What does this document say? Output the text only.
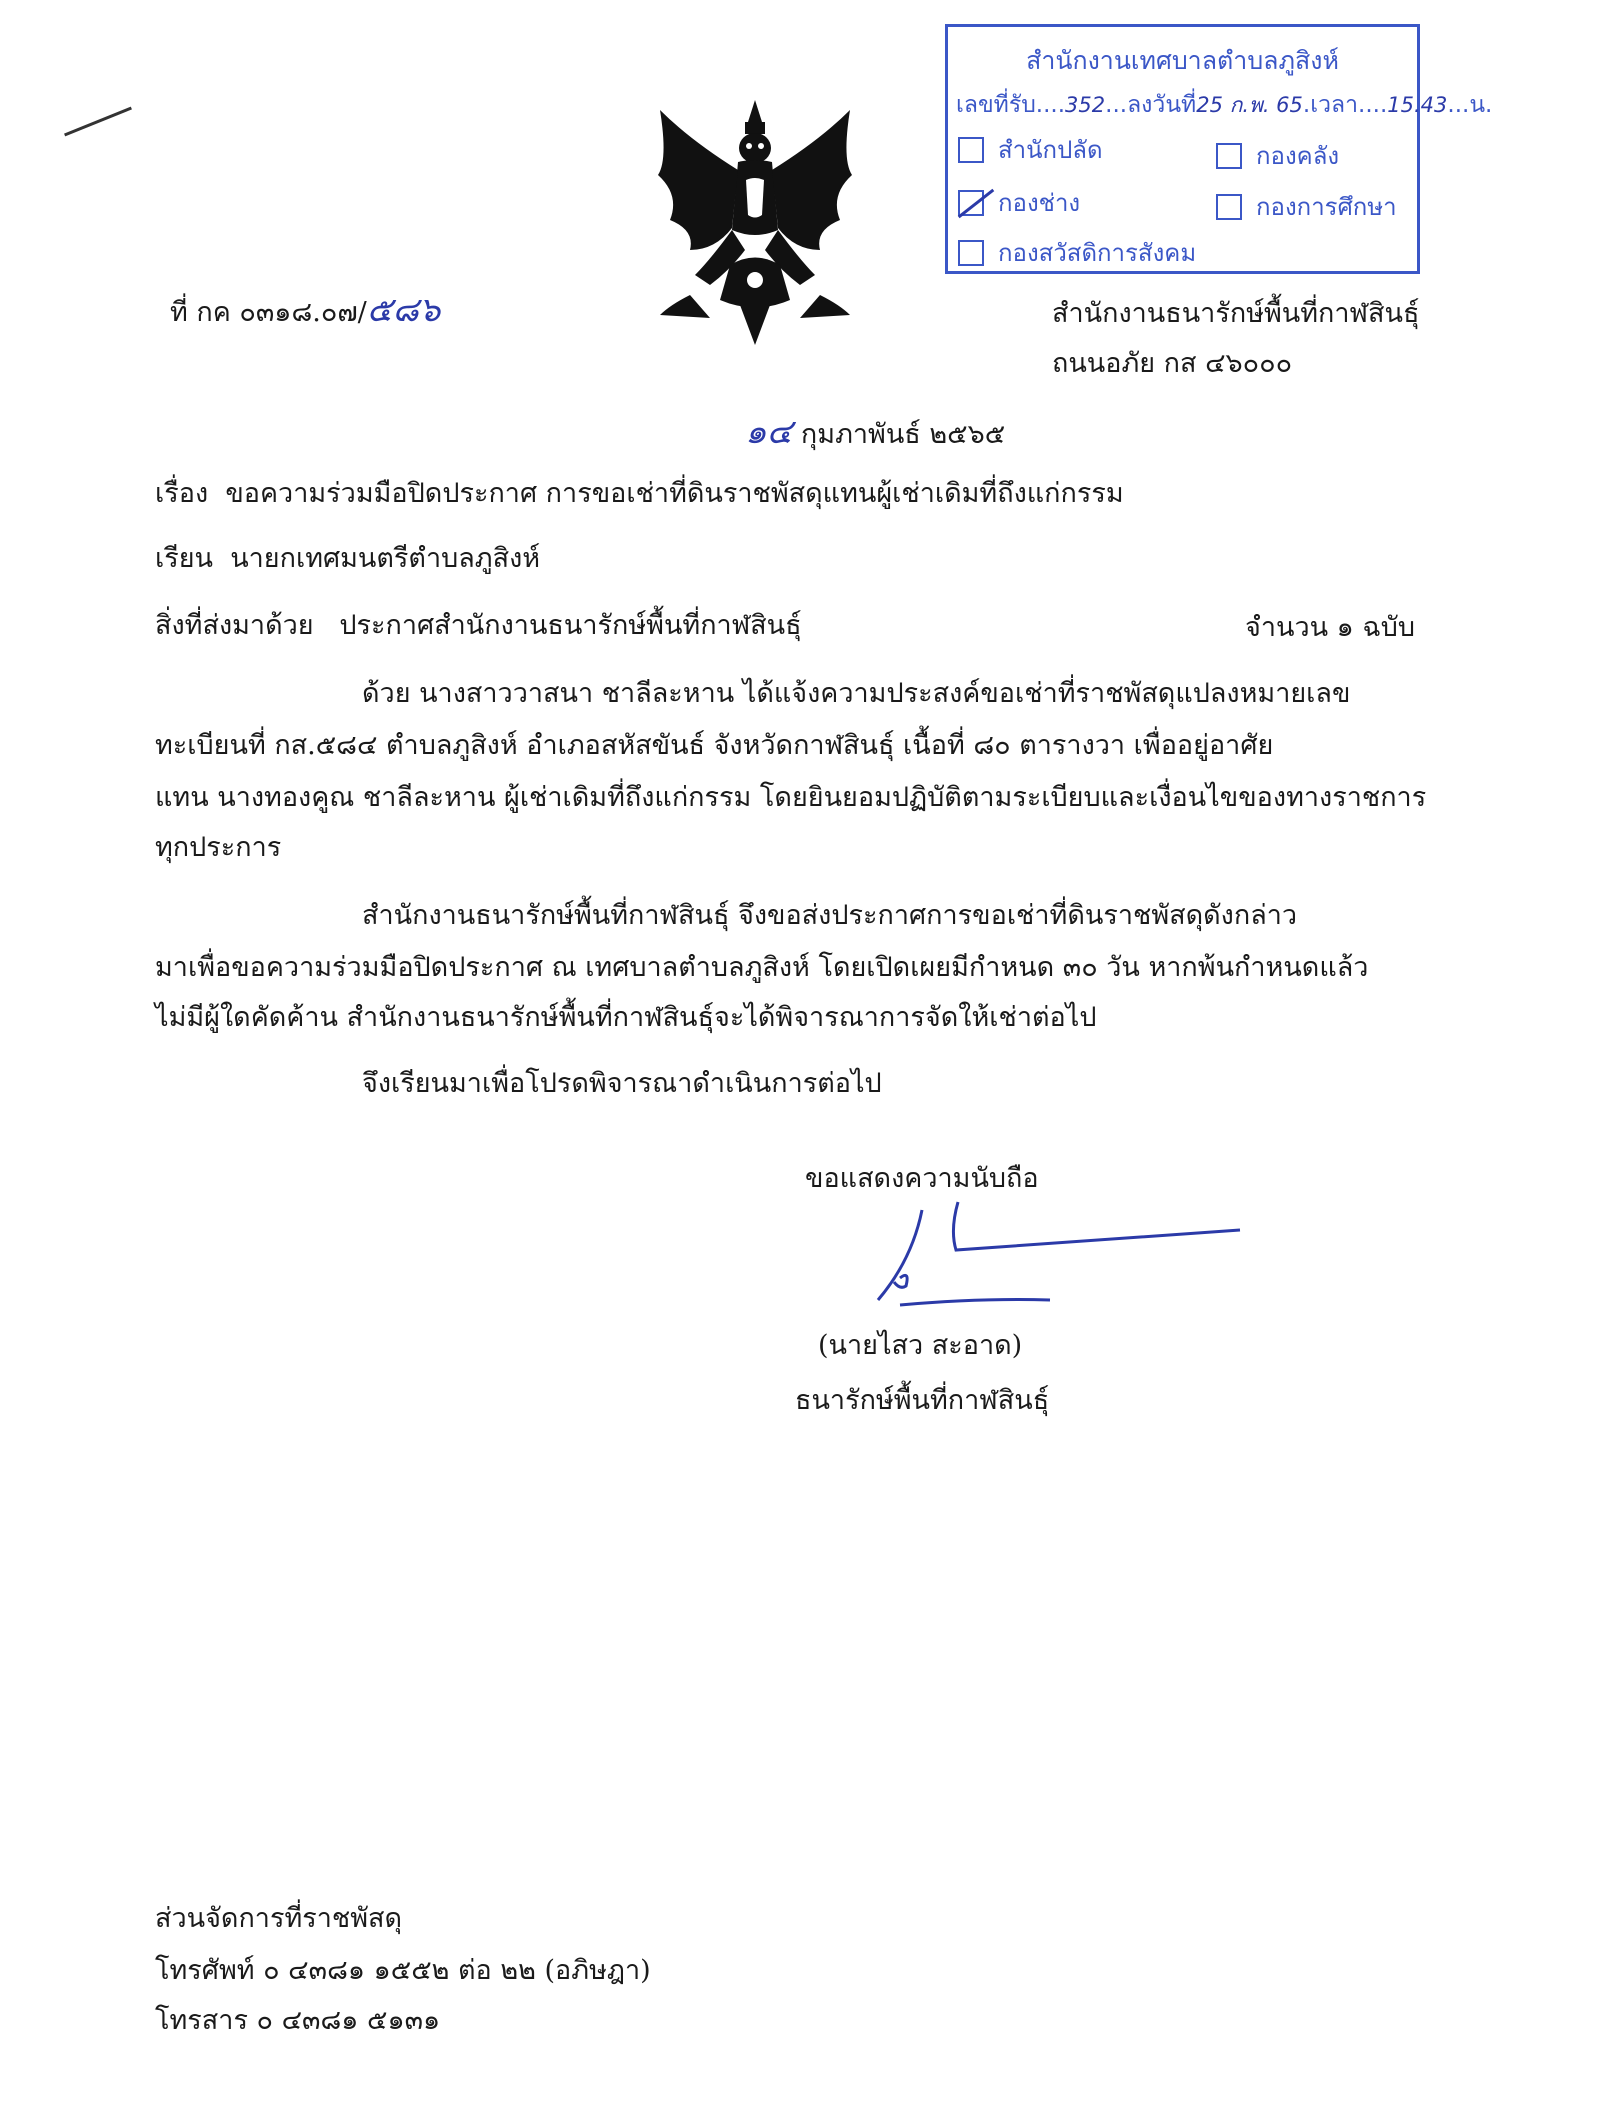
สำนักงานเทศบาลตำบลภูสิงห์
เลขที่รับ....352...ลงวันที่25 ก.พ. 65.เวลา....15.43...น.
สำนักปลัด	กองคลัง
กองช่าง	กองการศึกษา
กองสวัสดิการสังคม
ที่ กค ๐๓๑๘.๐๗/๕๘๖	สำนักงานธนารักษ์พื้นที่กาฬสินธุ์
ถนนอภัย กส ๔๖๐๐๐
๑๔ กุมภาพันธ์ ๒๕๖๕
เรื่อง ขอความร่วมมือปิดประกาศ การขอเช่าที่ดินราชพัสดุแทนผู้เช่าเดิมที่ถึงแก่กรรม
เรียน นายกเทศมนตรีตำบลภูสิงห์
สิ่งที่ส่งมาด้วย ประกาศสำนักงานธนารักษ์พื้นที่กาฬสินธุ์	จำนวน ๑ ฉบับ
ด้วย นางสาววาสนา ชาลีละหาน ได้แจ้งความประสงค์ขอเช่าที่ราชพัสดุแปลงหมายเลข
ทะเบียนที่ กส.๕๘๔ ตำบลภูสิงห์ อำเภอสหัสขันธ์ จังหวัดกาฬสินธุ์ เนื้อที่ ๘๐ ตารางวา เพื่ออยู่อาศัย
แทน นางทองคูณ ชาลีละหาน ผู้เช่าเดิมที่ถึงแก่กรรม โดยยินยอมปฏิบัติตามระเบียบและเงื่อนไขของทางราชการ
ทุกประการ
สำนักงานธนารักษ์พื้นที่กาฬสินธุ์ จึงขอส่งประกาศการขอเช่าที่ดินราชพัสดุดังกล่าว
มาเพื่อขอความร่วมมือปิดประกาศ ณ เทศบาลตำบลภูสิงห์ โดยเปิดเผยมีกำหนด ๓๐ วัน หากพ้นกำหนดแล้ว
ไม่มีผู้ใดคัดค้าน สำนักงานธนารักษ์พื้นที่กาฬสินธุ์จะได้พิจารณาการจัดให้เช่าต่อไป
จึงเรียนมาเพื่อโปรดพิจารณาดำเนินการต่อไป
ขอแสดงความนับถือ
(นายไสว สะอาด)
ธนารักษ์พื้นที่กาฬสินธุ์
ส่วนจัดการที่ราชพัสดุ
โทรศัพท์ ๐ ๔๓๘๑ ๑๕๕๒ ต่อ ๒๒ (อภิษฎา)
โทรสาร ๐ ๔๓๘๑ ๕๑๓๑
